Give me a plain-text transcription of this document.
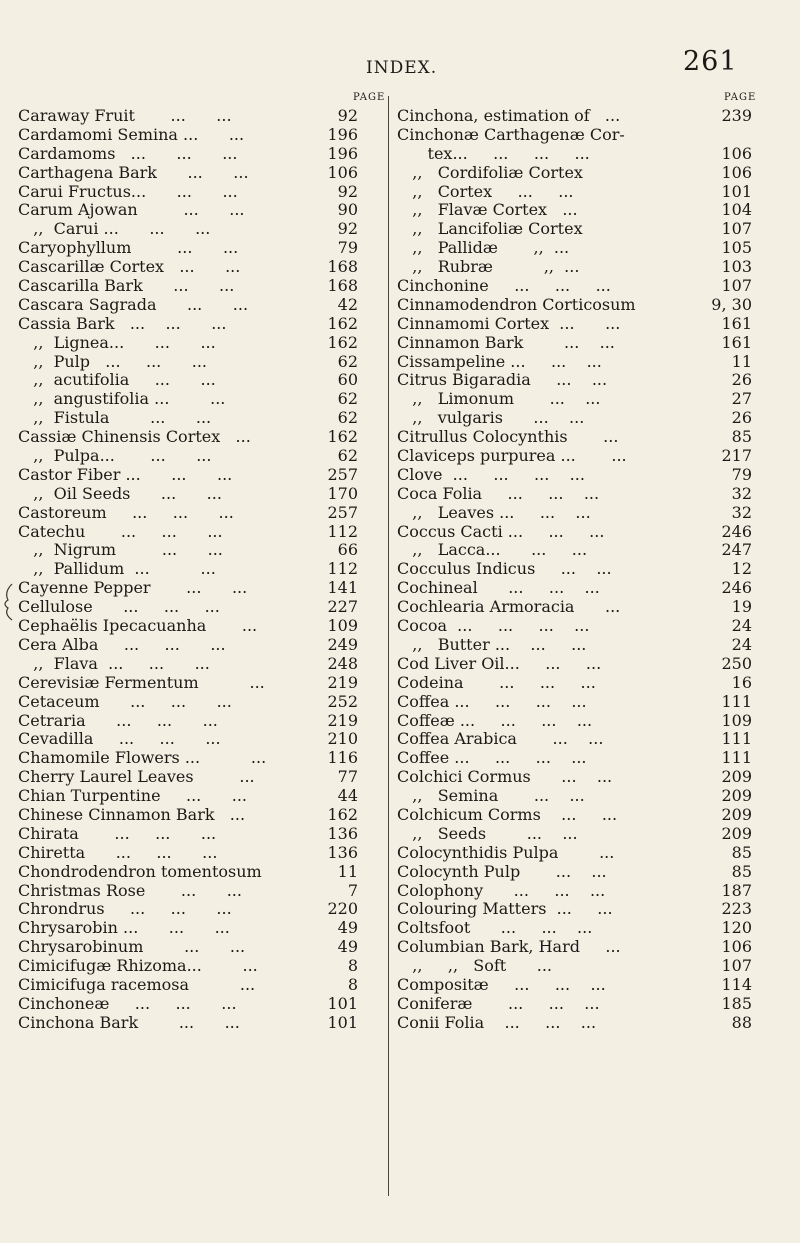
INDEX.	261
PAGE
Caraway Fruit       ...      ...	92
Cardamomi Semina ...      ...	196
Cardamoms   ...      ...      ...	196
Carthagena Bark      ...      ...	106
Carui Fructus...      ...      ...	92
Carum Ajowan         ...      ...	90
,,  Carui ...      ...      ...	92
Caryophyllum         ...      ...	79
Cascarillæ Cortex   ...      ...	168
Cascarilla Bark      ...      ...	168
Cascara Sagrada      ...      ...	42
Cassia Bark   ...    ...      ...	162
,,  Lignea...      ...      ...	162
,,  Pulp   ...     ...      ...	62
,,  acutifolia     ...      ...	60
,,  angustifolia ...        ...	62
,,  Fistula        ...      ...	62
Cassiæ Chinensis Cortex   ...	162
,,  Pulpa...       ...      ...	62
Castor Fiber ...      ...      ...	257
,,  Oil Seeds      ...      ...	170
Castoreum     ...     ...      ...	257
Catechu       ...     ...      ...	112
,,  Nigrum         ...      ...	66
,,  Pallidum  ...          ...	112
Cayenne Pepper       ...      ...	141
Cellulose      ...     ...     ...	227
Cephaëlis Ipecacuanha       ...	109
Cera Alba     ...     ...      ...	249
,,  Flava  ...     ...      ...	248
Cerevisiæ Fermentum          ...	219
Cetaceum      ...     ...      ...	252
Cetraria      ...     ...      ...	219
Cevadilla     ...     ...      ...	210
Chamomile Flowers ...          ...	116
Cherry Laurel Leaves         ...	77
Chian Turpentine     ...      ...	44
Chinese Cinnamon Bark   ...	162
Chirata       ...     ...      ...	136
Chiretta      ...     ...      ...	136
Chondrodendron tomentosum	11
Christmas Rose       ...      ...	7
Chrondrus     ...     ...      ...	220
Chrysarobin ...      ...      ...	49
Chrysarobinum        ...      ...	49
Cimicifugæ Rhizoma...        ...	8
Cimicifuga racemosa          ...	8
Cinchoneæ     ...     ...      ...	101
Cinchona Bark        ...      ...	101
PAGE
Cinchona, estimation of   ...	239
Cinchonæ Carthagenæ Cor-
tex...     ...     ...     ...	106
,,   Cordifoliæ Cortex	106
,,   Cortex     ...     ...	101
,,   Flavæ Cortex   ...	104
,,   Lancifoliæ Cortex	107
,,   Pallidæ       ,,  ...	105
,,   Rubræ          ,,  ...	103
Cinchonine     ...     ...     ...	107
Cinnamodendron Corticosum	9, 30
Cinnamomi Cortex  ...      ...	161
Cinnamon Bark        ...    ...	161
Cissampeline ...     ...    ...	11
Citrus Bigaradia     ...    ...	26
,,   Limonum       ...    ...	27
,,   vulgaris      ...    ...	26
Citrullus Colocynthis       ...	85
Claviceps purpurea ...       ...	217
Clove  ...     ...     ...    ...	79
Coca Folia     ...     ...    ...	32
,,   Leaves ...     ...    ...	32
Coccus Cacti ...     ...     ...	246
,,   Lacca...      ...     ...	247
Cocculus Indicus     ...    ...	12
Cochineal      ...     ...    ...	246
Cochlearia Armoracia      ...	19
Cocoa  ...     ...     ...    ...	24
,,   Butter ...    ...     ...	24
Cod Liver Oil...     ...     ...	250
Codeina       ...     ...     ...	16
Coffea ...     ...     ...    ...	111
Coffeæ ...     ...     ...    ...	109
Coffea Arabica       ...    ...	111
Coffee ...     ...     ...    ...	111
Colchici Cormus      ...    ...	209
,,   Semina       ...    ...	209
Colchicum Corms    ...     ...	209
,,   Seeds        ...    ...	209
Colocynthidis Pulpa        ...	85
Colocynth Pulp       ...    ...	85
Colophony      ...     ...    ...	187
Colouring Matters  ...     ...	223
Coltsfoot      ...     ...    ...	120
Columbian Bark, Hard     ...	106
,,     ,,   Soft      ...	107
Compositæ     ...     ...    ...	114
Coniferæ       ...     ...    ...	185
Conii Folia    ...     ...    ...	88
